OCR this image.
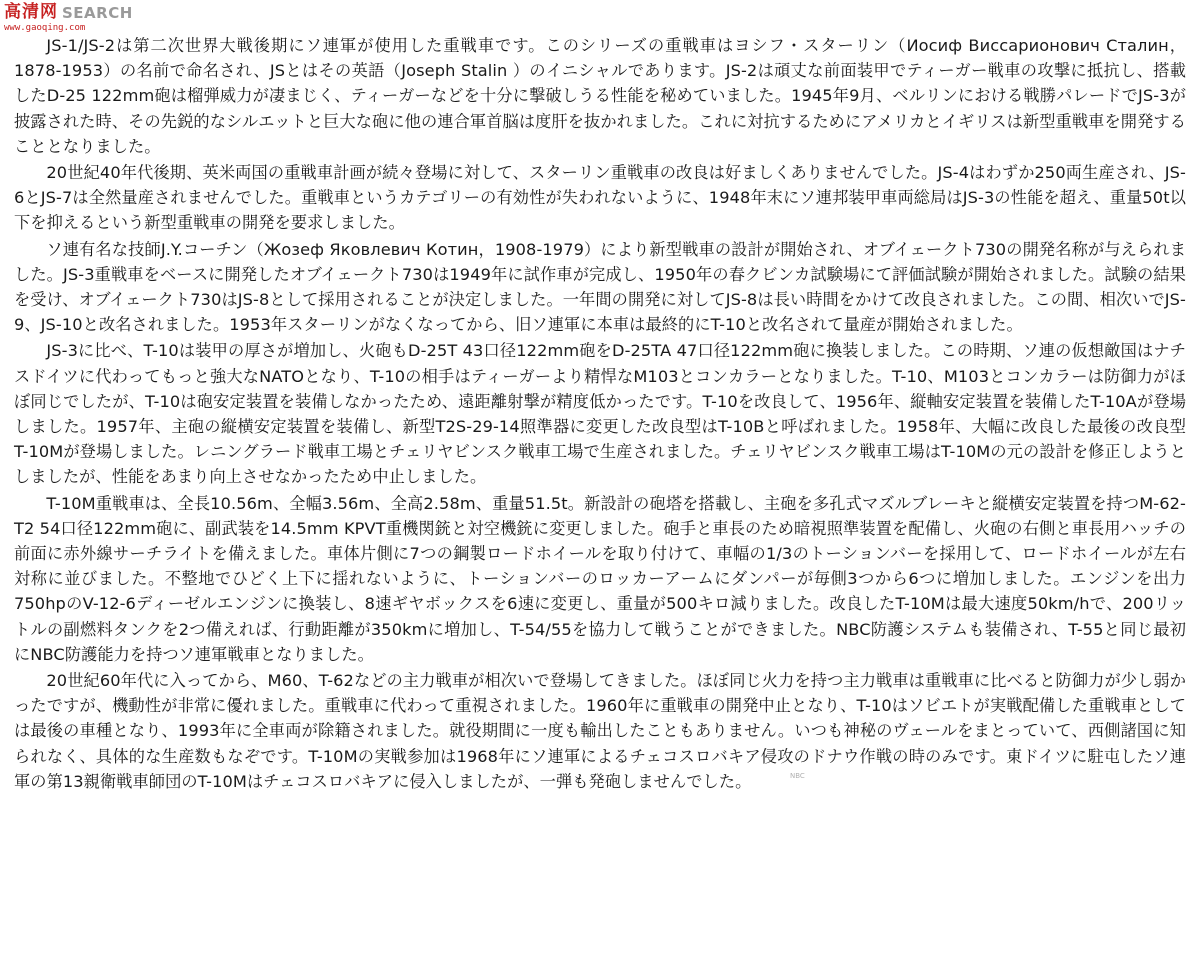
高清网 SEARCH
www.gaoqing.com

JS-1/JS-2は第二次世界大戦後期にソ連軍が使用した重戦車です。このシリーズの重戦車はヨシフ・スターリン（Иосиф Виссарионович Сталин，1878-1953）の名前で命名され、JSとはその英語（Joseph Stalin ）のイニシャルであります。JS-2は頑丈な前面装甲でティーガー戦車の攻撃に抵抗し、搭載したD-25 122mm砲は榴弾威力が凄まじく、ティーガーなどを十分に撃破しうる性能を秘めていました。1945年9月、ベルリンにおける戦勝パレードでJS-3が披露された時、その先鋭的なシルエットと巨大な砲に他の連合軍首脳は度肝を抜かれました。これに対抗するためにアメリカとイギリスは新型重戦車を開発することとなりました。

20世紀40年代後期、英米両国の重戦車計画が続々登場に対して、スターリン重戦車の改良は好ましくありませんでした。JS-4はわずか250両生産され、JS-6とJS-7は全然量産されませんでした。重戦車というカテゴリーの有効性が失われないように、1948年末にソ連邦装甲車両総局はJS-3の性能を超え、重量50t以下を抑えるという新型重戦車の開発を要求しました。

ソ連有名な技師J.Y.コーチン（Жозеф Яковлевич Котин，1908-1979）により新型戦車の設計が開始され、オブイェークト730の開発名称が与えられました。JS-3重戦車をベースに開発したオブイェークト730は1949年に試作車が完成し、1950年の春クビンカ試験場にて評価試験が開始されました。試験の結果を受け、オブイェークト730はJS-8として採用されることが決定しました。一年間の開発に対してJS-8は長い時間をかけて改良されました。この間、相次いでJS-9、JS-10と改名されました。1953年スターリンがなくなってから、旧ソ連軍に本車は最終的にT-10と改名されて量産が開始されました。

JS-3に比べ、T-10は装甲の厚さが増加し、火砲もD-25T 43口径122mm砲をD-25TA 47口径122mm砲に換装しました。この時期、ソ連の仮想敵国はナチスドイツに代わってもっと強大なNATOとなり、T-10の相手はティーガーより精悍なM103とコンカラーとなりました。T-10、M103とコンカラーは防御力がほぼ同じでしたが、T-10は砲安定装置を装備しなかったため、遠距離射撃が精度低かったです。T-10を改良して、1956年、縦軸安定装置を装備したT-10Aが登場しました。1957年、主砲の縦横安定装置を装備し、新型T2S-29-14照準器に変更した改良型はT-10Bと呼ばれました。1958年、大幅に改良した最後の改良型T-10Mが登場しました。レニングラード戦車工場とチェリヤビンスク戦車工場で生産されました。チェリヤビンスク戦車工場はT-10Mの元の設計を修正しようとしましたが、性能をあまり向上させなかったため中止しました。

T-10M重戦車は、全長10.56m、全幅3.56m、全高2.58m、重量51.5t。新設計の砲塔を搭載し、主砲を多孔式マズルブレーキと縦横安定装置を持つM-62-T2 54口径122mm砲に、副武装を14.5mm KPVT重機関銃と対空機銃に変更しました。砲手と車長のため暗視照準装置を配備し、火砲の右側と車長用ハッチの前面に赤外線サーチライトを備えました。車体片側に7つの鋼製ロードホイールを取り付けて、車幅の1/3のトーションバーを採用して、ロードホイールが左右対称に並びました。不整地でひどく上下に揺れないように、トーションバーのロッカーアームにダンパーが毎側3つから6つに増加しました。エンジンを出力750hpのV-12-6ディーゼルエンジンに換装し、8速ギヤボックスを6速に変更し、重量が500キロ減りました。改良したT-10Mは最大速度50km/hで、200リットルの副燃料タンクを2つ備えれば、行動距離が350kmに増加し、T-54/55を協力して戦うことができました。NBC防護システムも装備され、T-55と同じ最初にNBC防護能力を持つソ連軍戦車となりました。

20世紀60年代に入ってから、M60、T-62などの主力戦車が相次いで登場してきました。ほぼ同じ火力を持つ主力戦車は重戦車に比べると防御力が少し弱かったですが、機動性が非常に優れました。重戦車に代わって重視されました。1960年に重戦車の開発中止となり、T-10はソビエトが実戦配備した重戦車としては最後の車種となり、1993年に全車両が除籍されました。就役期間に一度も輸出したこともありません。いつも神秘のヴェールをまとっていて、西側諸国に知られなく、具体的な生産数もなぞです。T-10Mの実戦参加は1968年にソ連軍によるチェコスロバキア侵攻のドナウ作戦の時のみです。東ドイツに駐屯したソ連軍の第13親衛戦車師団のT-10Mはチェコスロバキアに侵入しましたが、一弾も発砲しませんでした。	NBC
